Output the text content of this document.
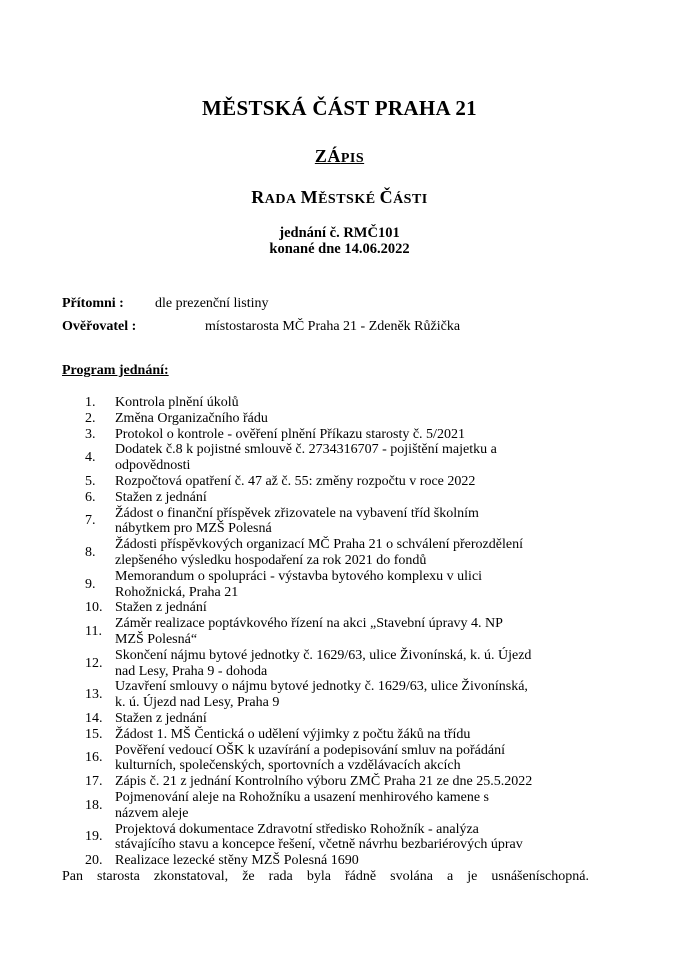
MĚSTSKÁ ČÁST PRAHA 21
ZÁPIS
RADA MĚSTSKÉ ČÁSTI
jednání č. RMČ101
konané dne 14.06.2022
Přítomni : dle prezenční listiny
Ověřovatel :	místostarosta MČ Praha 21 - Zdeněk Růžička
Program jednání:
1.	Kontrola plnění úkolů
2.	Změna Organizačního řádu
3.	Protokol o kontrole - ověření plnění Příkazu starosty č. 5/2021
4.
Dodatek č.8 k pojistné smlouvě č. 2734316707 - pojištění majetku a
odpovědnosti
5.	Rozpočtová opatření č. 47 až č. 55: změny rozpočtu v roce 2022
6.	Stažen z jednání
7.
Žádost o finanční příspěvek zřizovatele na vybavení tříd školním
nábytkem pro MZŠ Polesná
8.
Žádosti příspěvkových organizací MČ Praha 21 o schválení přerozdělení
zlepšeného výsledku hospodaření za rok 2021 do fondů
9.
Memorandum o spolupráci - výstavba bytového komplexu v ulici
Rohožnická, Praha 21
10. Stažen z jednání
11.
Záměr realizace poptávkového řízení na akci „Stavební úpravy 4. NP
MZŠ Polesná“
12.
Skončení nájmu bytové jednotky č. 1629/63, ulice Živonínská, k. ú. Újezd
nad Lesy, Praha 9 - dohoda
13.
Uzavření smlouvy o nájmu bytové jednotky č. 1629/63, ulice Živonínská,
k. ú. Újezd nad Lesy, Praha 9
14. Stažen z jednání
15. Žádost 1. MŠ Čentická o udělení výjimky z počtu žáků na třídu
16.
Pověření vedoucí OŠK k uzavírání a podepisování smluv na pořádání
kulturních, společenských, sportovních a vzdělávacích akcích
17. Zápis č. 21 z jednání Kontrolního výboru ZMČ Praha 21 ze dne 25.5.2022
18.
Pojmenování aleje na Rohožníku a usazení menhirového kamene s
názvem aleje
19.
Projektová dokumentace Zdravotní středisko Rohožník - analýza
stávajícího stavu a koncepce řešení, včetně návrhu bezbariérových úprav
20. Realizace lezecké stěny MZŠ Polesná 1690
Pan starosta zkonstatoval, že rada byla řádně svolána a je usnášeníschopná.
